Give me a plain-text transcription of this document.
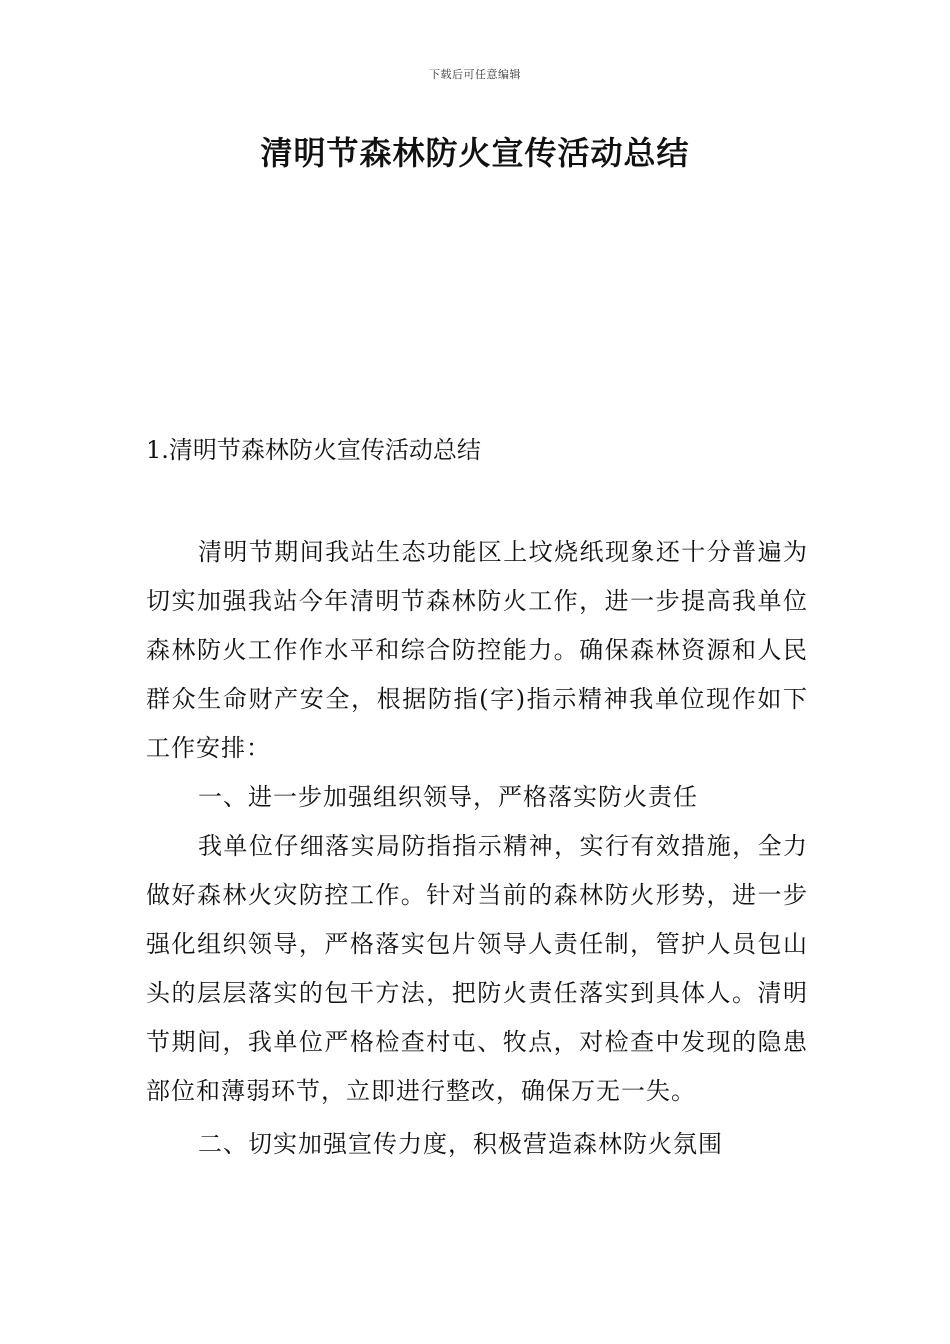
下载后可任意编辑
清明节森林防火宣传活动总结
1.清明节森林防火宣传活动总结

清明节期间我站生态功能区上坟烧纸现象还十分普遍为切实加强我站今年清明节森林防火工作，进一步提高我单位森林防火工作作水平和综合防控能力。确保森林资源和人民群众生命财产安全，根据防指(字)指示精神我单位现作如下工作安排：

一、进一步加强组织领导，严格落实防火责任

我单位仔细落实局防指指示精神，实行有效措施，全力做好森林火灾防控工作。针对当前的森林防火形势，进一步强化组织领导，严格落实包片领导人责任制，管护人员包山头的层层落实的包干方法，把防火责任落实到具体人。清明节期间，我单位严格检查村屯、牧点，对检查中发现的隐患部位和薄弱环节，立即进行整改，确保万无一失。

二、切实加强宣传力度，积极营造森林防火氛围
